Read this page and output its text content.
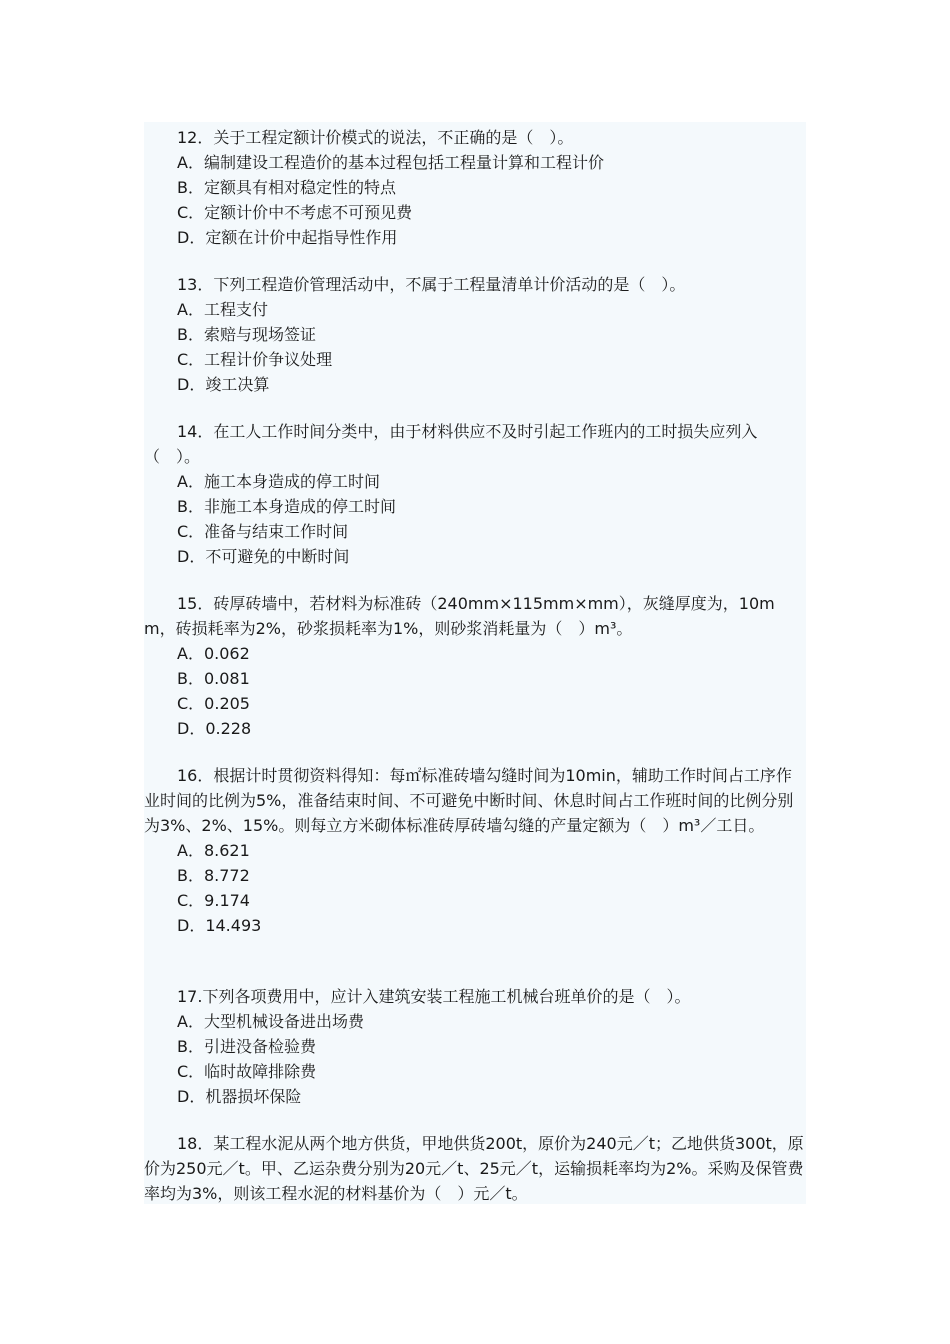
12．关于工程定额计价模式的说法，不正确的是（　）。

A．编制建设工程造价的基本过程包括工程量计算和工程计价
B．定额具有相对稳定性的特点
C．定额计价中不考虑不可预见费
D．定额在计价中起指导性作用

13．下列工程造价管理活动中，不属于工程量清单计价活动的是（　）。

A．工程支付
B．索赔与现场签证
C．工程计价争议处理
D．竣工决算

14．在工人工作时间分类中，由于材料供应不及时引起工作班内的工时损失应列入（　）。

A．施工本身造成的停工时间
B．非施工本身造成的停工时间
C．准备与结束工作时间
D．不可避免的中断时间

15．砖厚砖墙中，若材料为标准砖（240mm×115mm×mm），灰缝厚度为，10mm，砖损耗率为2%，砂浆损耗率为1%，则砂浆消耗量为（　）m³。

A．0.062
B．0.081
C．0.205
D．0.228

16．根据计时贯彻资料得知：每㎡标准砖墙勾缝时间为10min，辅助工作时间占工序作业时间的比例为5%，准备结束时间、不可避免中断时间、休息时间占工作班时间的比例分别为3%、2%、15%。则每立方米砌体标准砖厚砖墙勾缝的产量定额为（　）m³／工日。

A．8.621
B．8.772
C．9.174
D．14.493

17.下列各项费用中，应计入建筑安装工程施工机械台班单价的是（　）。

A．大型机械设备进出场费
B．引进没备检验费
C．临时故障排除费
D．机器损坏保险

18．某工程水泥从两个地方供货，甲地供货200t，原价为240元／t；乙地供货300t，原价为250元／t。甲、乙运杂费分别为20元／t、25元／t，运输损耗率均为2%。采购及保管费率均为3%，则该工程水泥的材料基价为（　）元／t。
